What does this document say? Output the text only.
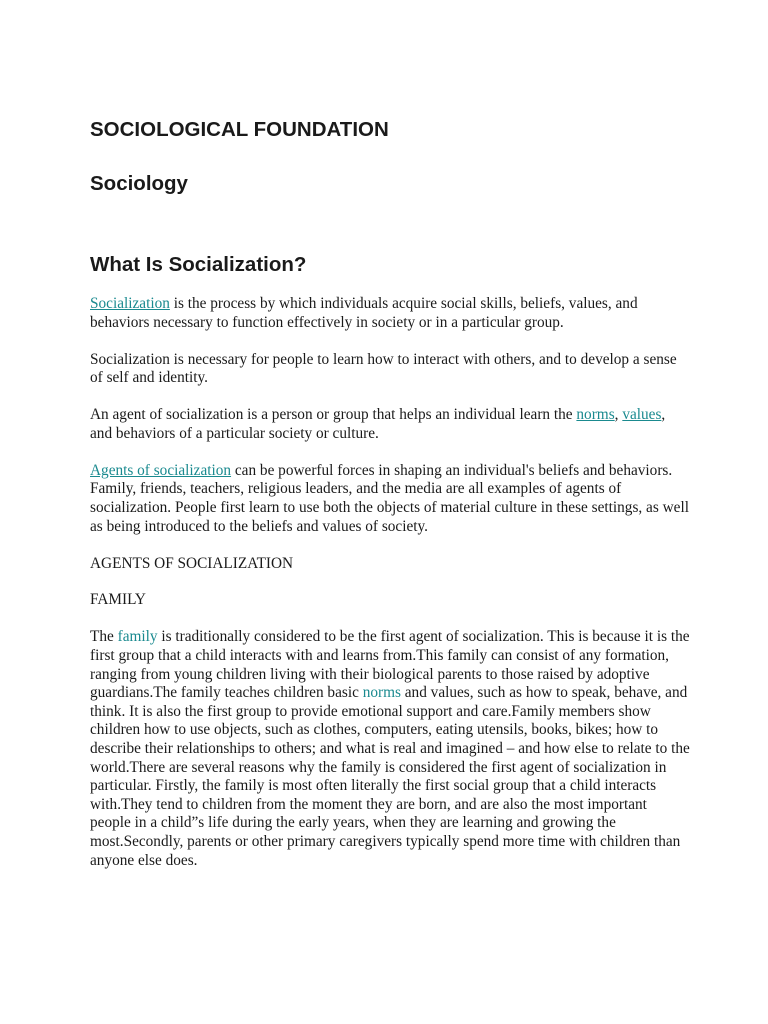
SOCIOLOGICAL FOUNDATION
Sociology
What Is Socialization?

Socialization is the process by which individuals acquire social skills, beliefs, values, and behaviors necessary to function effectively in society or in a particular group.

Socialization is necessary for people to learn how to interact with others, and to develop a sense of self and identity.

An agent of socialization is a person or group that helps an individual learn the norms, values, and behaviors of a particular society or culture.

Agents of socialization can be powerful forces in shaping an individual's beliefs and behaviors. Family, friends, teachers, religious leaders, and the media are all examples of agents of socialization. People first learn to use both the objects of material culture in these settings, as well as being introduced to the beliefs and values of society.

AGENTS OF SOCIALIZATION

FAMILY

The family is traditionally considered to be the first agent of socialization. This is because it is the first group that a child interacts with and learns from.This family can consist of any formation, ranging from young children living with their biological parents to those raised by adoptive guardians.The family teaches children basic norms and values, such as how to speak, behave, and think. It is also the first group to provide emotional support and care.Family members show children how to use objects, such as clothes, computers, eating utensils, books, bikes; how to describe their relationships to others; and what is real and imagined – and how else to relate to the world.There are several reasons why the family is considered the first agent of socialization in particular. Firstly, the family is most often literally the first social group that a child interacts with.They tend to children from the moment they are born, and are also the most important people in a child”s life during the early years, when they are learning and growing the most.Secondly, parents or other primary caregivers typically spend more time with children than anyone else does.
